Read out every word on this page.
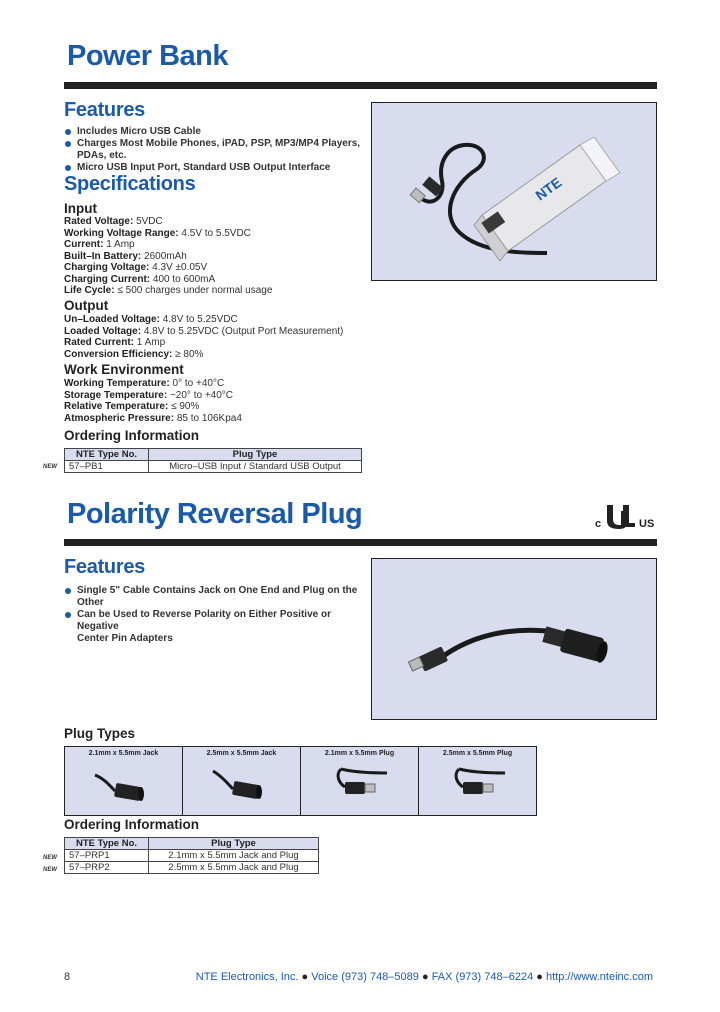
Power Bank
Features
Includes Micro USB Cable
Charges Most Mobile Phones, iPAD, PSP, MP3/MP4 Players,
PDAs, etc.
Micro USB Input Port, Standard USB Output Interface
Specifications
Input
Rated Voltage: 5VDC
Working Voltage Range: 4.5V to 5.5VDC
Current: 1 Amp
Built–In Battery: 2600mAh
Charging Voltage: 4.3V ±0.05V
Charging Current: 400 to 600mA
Life Cycle: ≤ 500 charges under normal usage
Output
Un–Loaded Voltage: 4.8V to 5.25VDC
Loaded Voltage: 4.8V to 5.25VDC (Output Port Measurement)
Rated Current: 1 Amp
Conversion Efficiency: ≥ 80%
Work Environment
Working Temperature: 0° to +40°C
Storage Temperature: −20° to +40°C
Relative Temperature: ≤ 90%
Atmospheric Pressure: 85 to 106Kpa4
Ordering Information
NEW
NTE Type No.	Plug Type
57–PB1	Micro–USB Input / Standard USB Output
NTE
Polarity Reversal Plug	c	US
Features
Single 5" Cable Contains Jack on One End and Plug on the Other
Can be Used to Reverse Polarity on Either Positive or Negative
Center Pin Adapters
Plug Types
2.1mm x 5.5mm Jack	2.5mm x 5.5mm Jack	2.1mm x 5.5mm Plug	2.5mm x 5.5mm Plug
Ordering Information
NEW
NEW
NTE Type No.	Plug Type
57–PRP1	2.1mm x 5.5mm Jack and Plug
57–PRP2	2.5mm x 5.5mm Jack and Plug
8	NTE Electronics, Inc. ● Voice (973) 748–5089 ● FAX (973) 748–6224 ● http://www.nteinc.com
